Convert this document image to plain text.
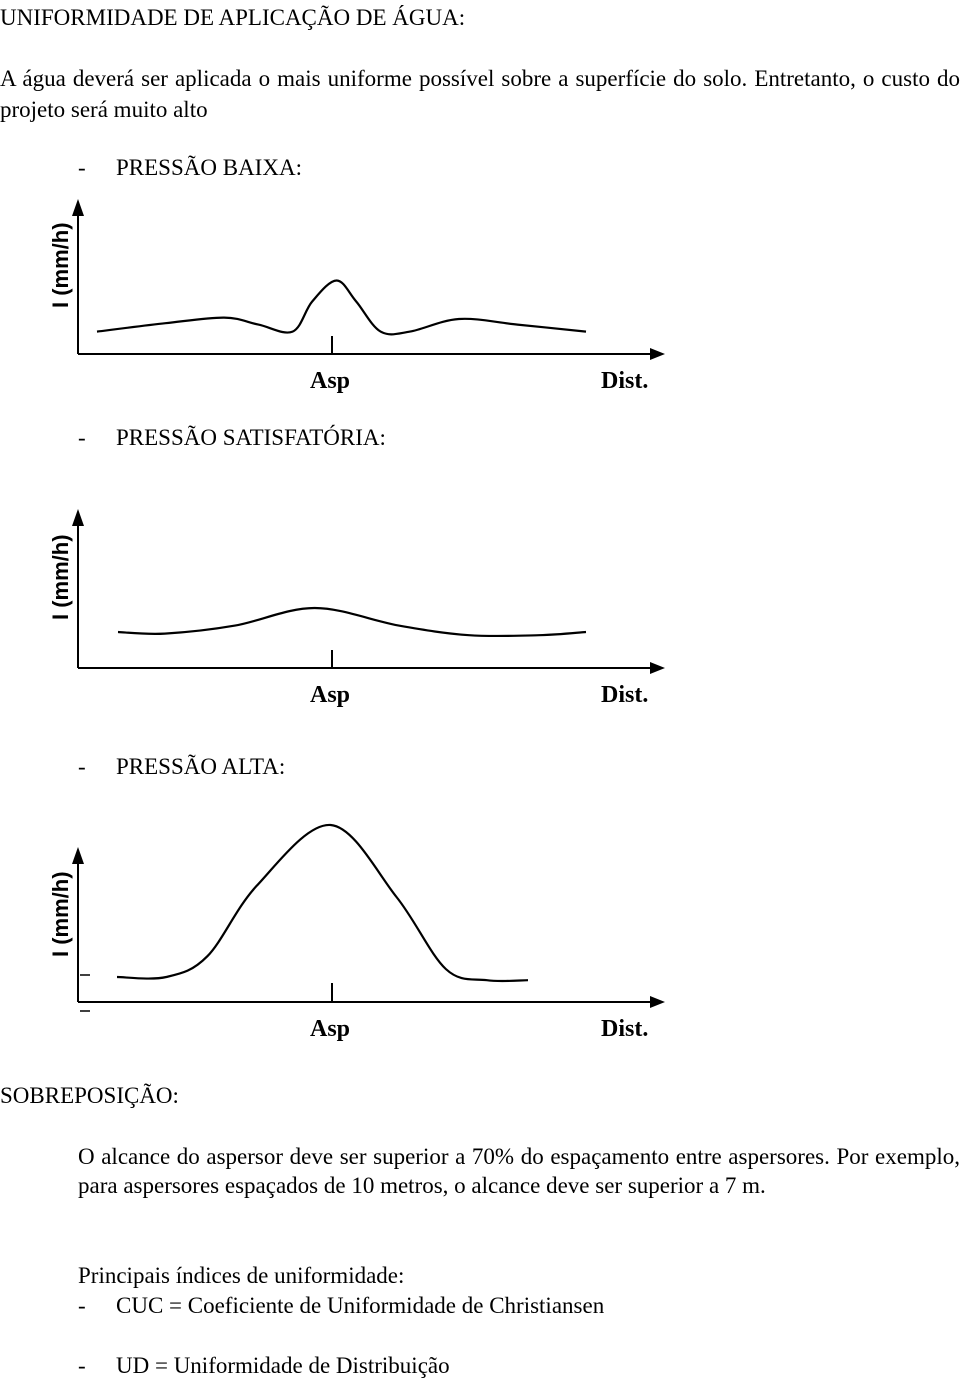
UNIFORMIDADE DE APLICAÇÃO DE ÁGUA:

A água deverá ser aplicada o mais uniforme possível sobre a superfície do solo. Entretanto, o custo do projeto será muito alto

- PRESSÃO BAIXA:

I (mm/h)
Asp	Dist.

- PRESSÃO SATISFATÓRIA:

I (mm/h)
Asp	Dist.

- PRESSÃO ALTA:

I (mm/h)
Asp	Dist.

SOBREPOSIÇÃO:

O alcance do aspersor deve ser superior a 70% do espaçamento entre aspersores. Por exemplo, para aspersores espaçados de 10 metros, o alcance deve ser superior a 7 m.

Principais índices de uniformidade:

- CUC = Coeficiente de Uniformidade de Christiansen

- UD = Uniformidade de Distribuição
